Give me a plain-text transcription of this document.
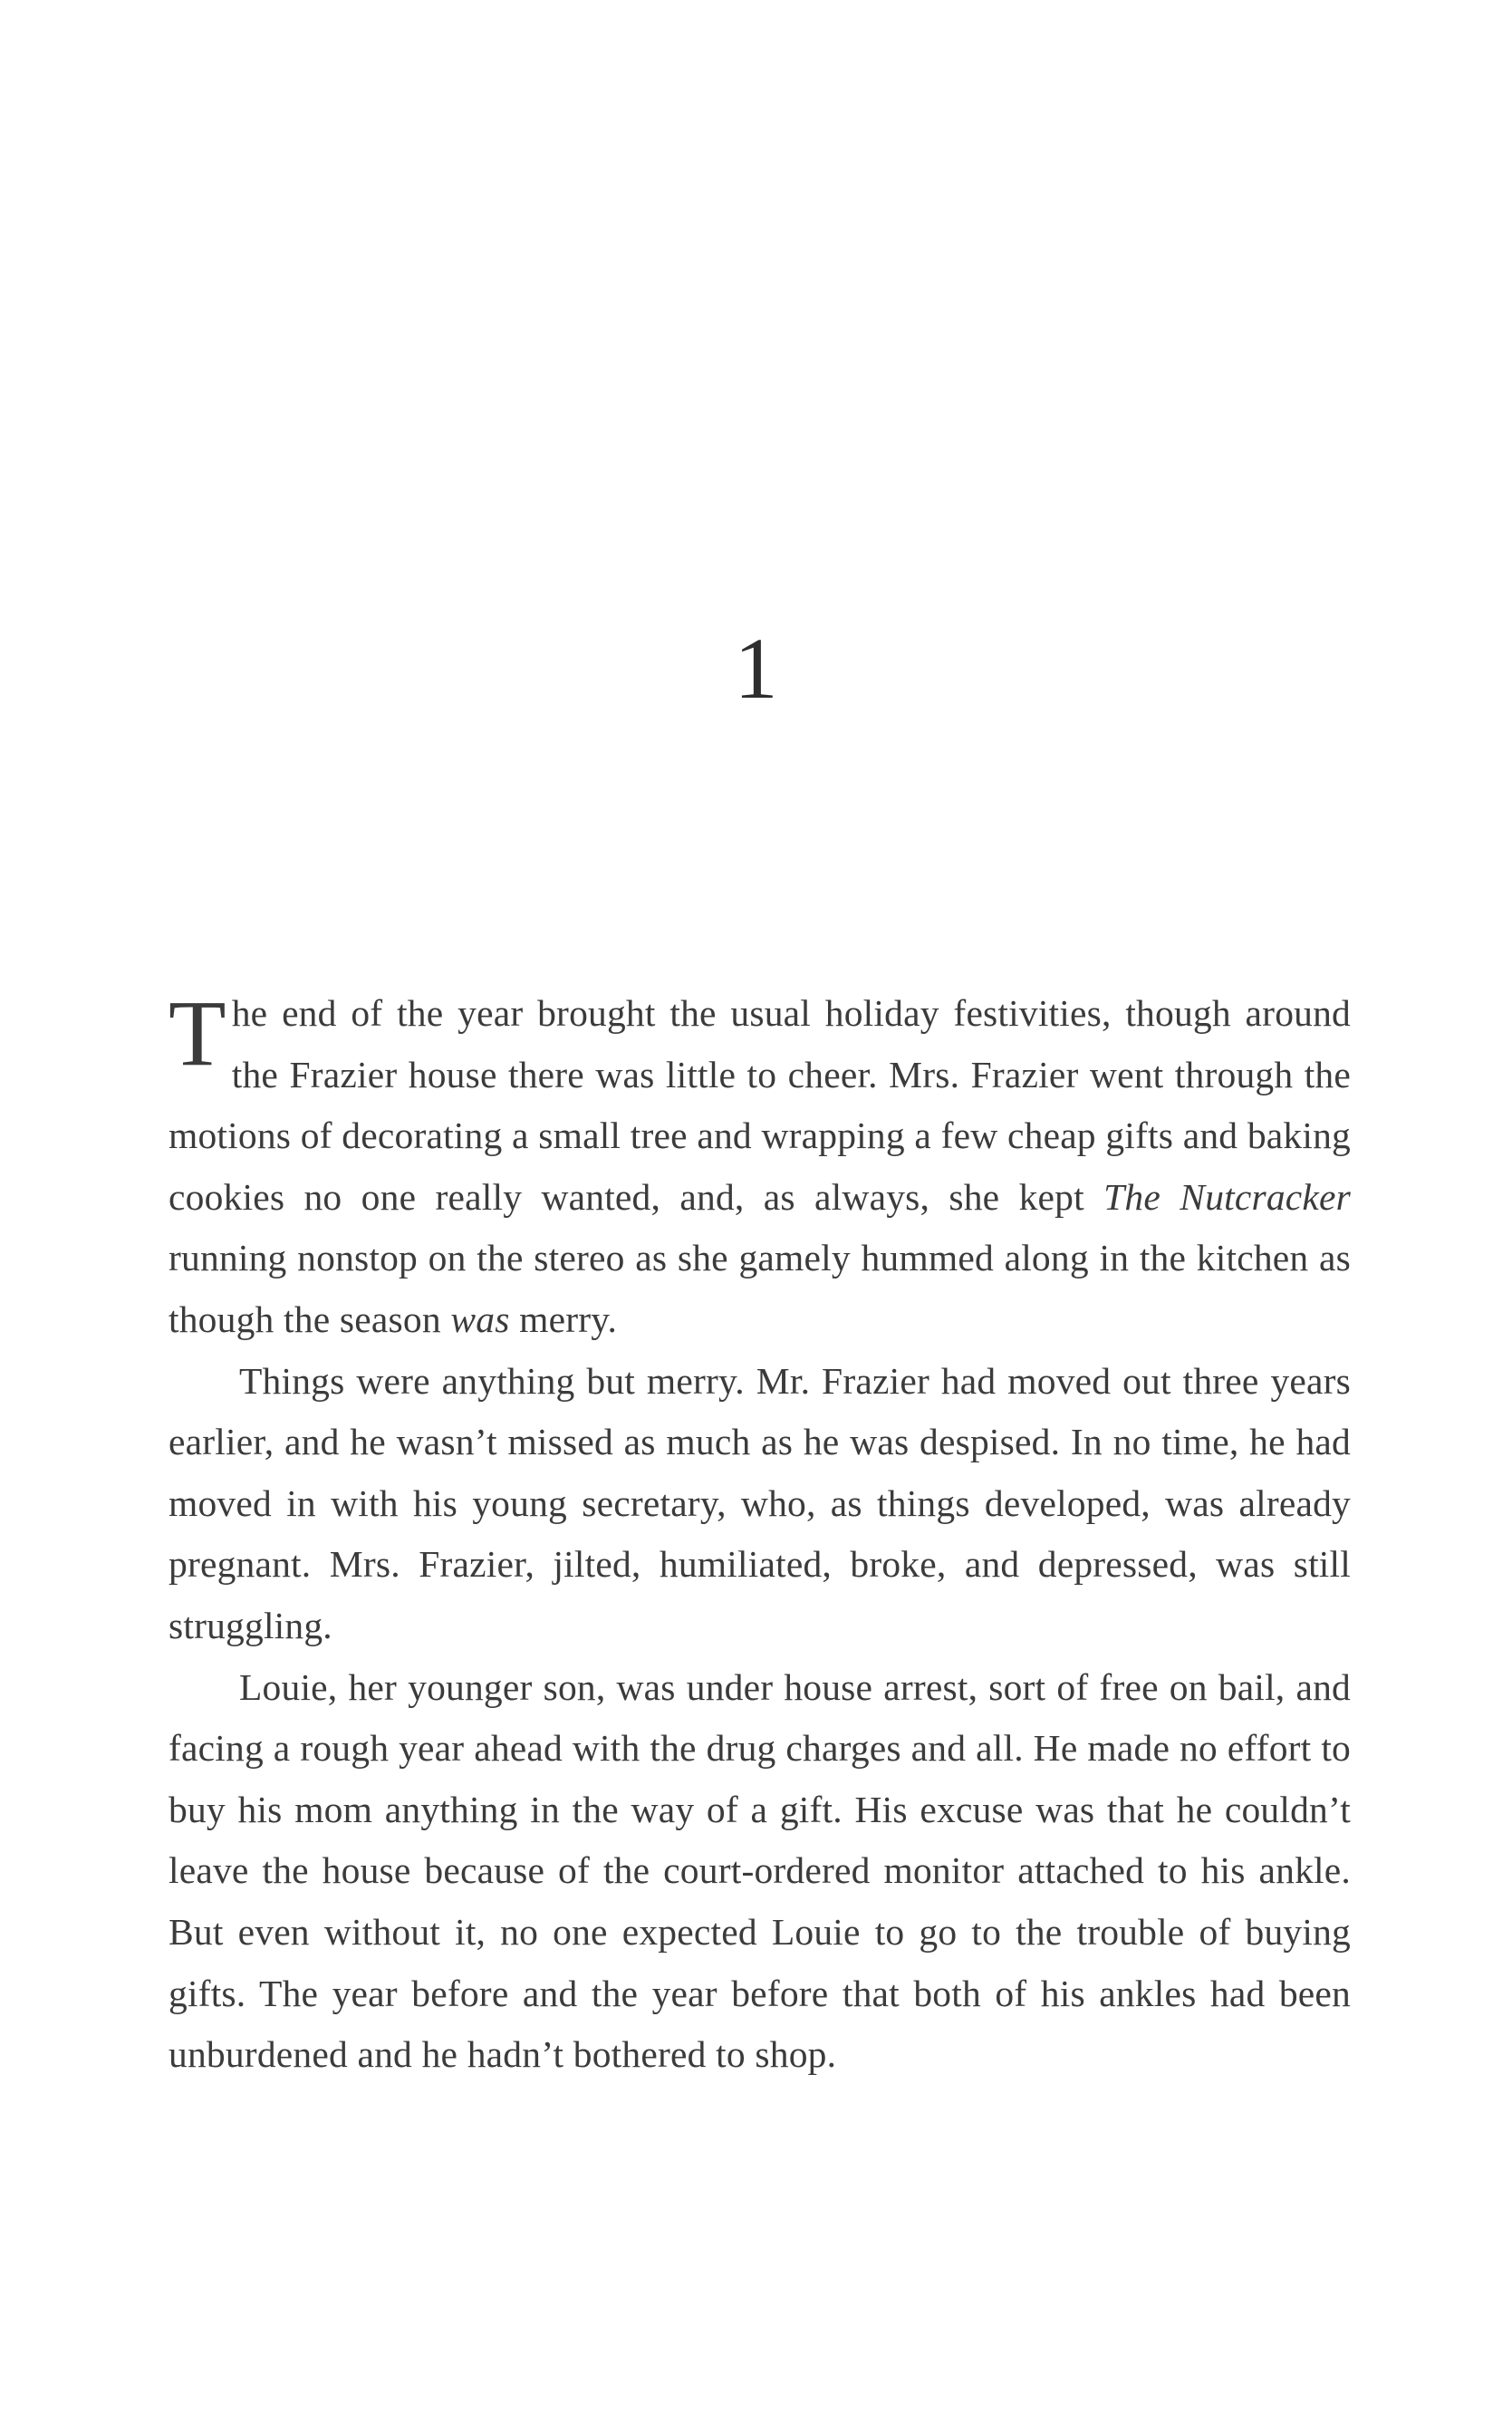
1

The end of the year brought the usual holiday festivities, though around the Frazier house there was little to cheer. Mrs. Frazier went through the motions of decorating a small tree and wrapping a few cheap gifts and baking cookies no one really wanted, and, as always, she kept The Nutcracker running nonstop on the stereo as she gamely hummed along in the kitchen as though the season was merry.

Things were anything but merry. Mr. Frazier had moved out three years earlier, and he wasn’t missed as much as he was despised. In no time, he had moved in with his young secretary, who, as things developed, was already pregnant. Mrs. Frazier, jilted, humiliated, broke, and depressed, was still struggling.

Louie, her younger son, was under house arrest, sort of free on bail, and facing a rough year ahead with the drug charges and all. He made no effort to buy his mom anything in the way of a gift. His excuse was that he couldn’t leave the house because of the court-ordered monitor attached to his ankle. But even without it, no one expected Louie to go to the trouble of buying gifts. The year before and the year before that both of his ankles had been unburdened and he hadn’t bothered to shop.
